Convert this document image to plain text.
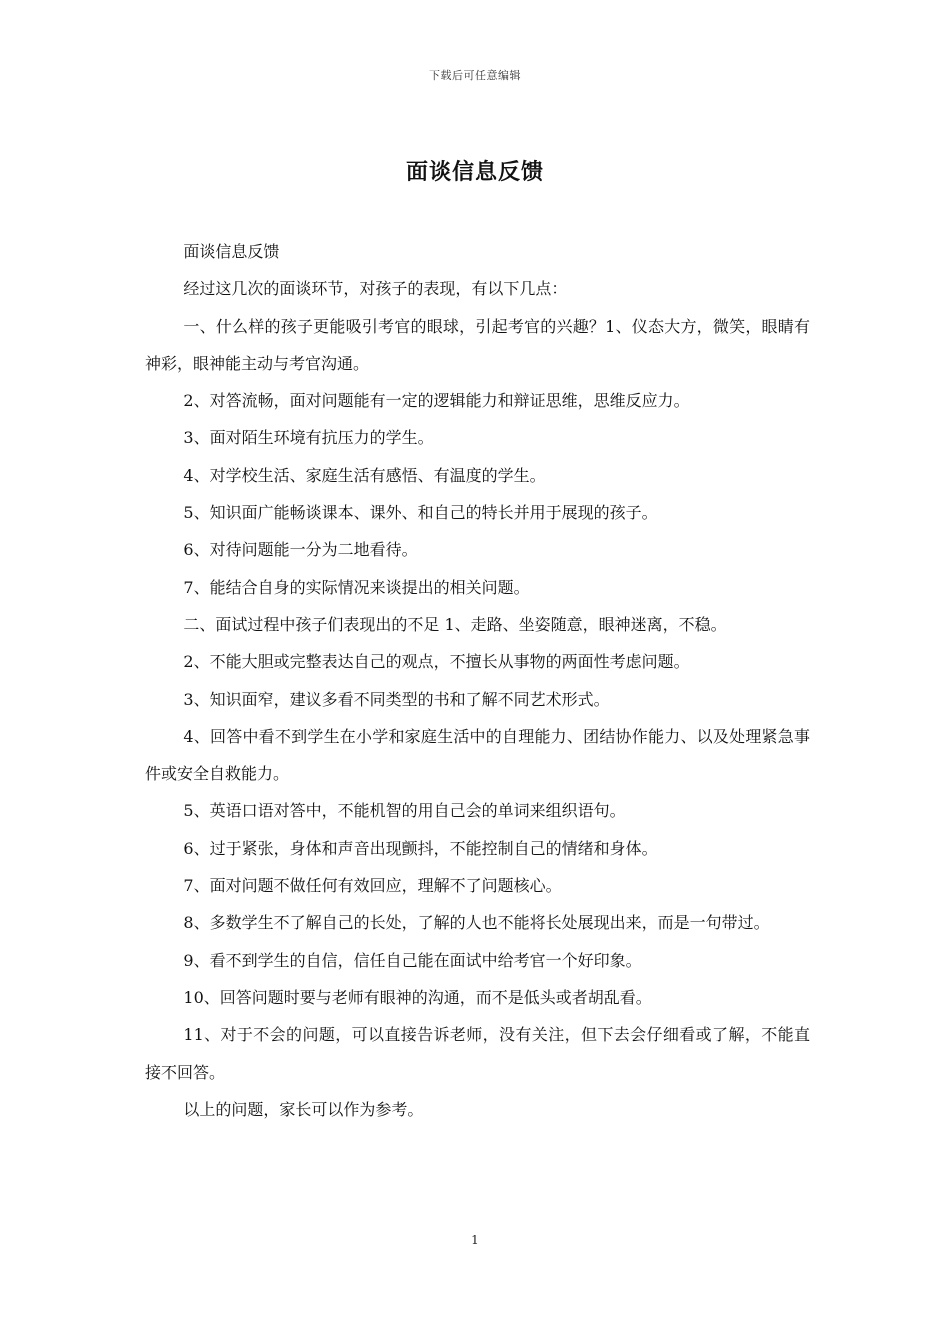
下载后可任意编辑
面谈信息反馈

面谈信息反馈

经过这几次的面谈环节，对孩子的表现，有以下几点：

一、什么样的孩子更能吸引考官的眼球，引起考官的兴趣？1、仪态大方，微笑，眼睛有神彩，眼神能主动与考官沟通。

2、对答流畅，面对问题能有一定的逻辑能力和辩证思维，思维反应力。

3、面对陌生环境有抗压力的学生。

4、对学校生活、家庭生活有感悟、有温度的学生。

5、知识面广能畅谈课本、课外、和自己的特长并用于展现的孩子。

6、对待问题能一分为二地看待。

7、能结合自身的实际情况来谈提出的相关问题。

二、面试过程中孩子们表现出的不足 1、走路、坐姿随意，眼神迷离，不稳。

2、不能大胆或完整表达自己的观点，不擅长从事物的两面性考虑问题。

3、知识面窄，建议多看不同类型的书和了解不同艺术形式。

4、回答中看不到学生在小学和家庭生活中的自理能力、团结协作能力、以及处理紧急事件或安全自救能力。

5、英语口语对答中，不能机智的用自己会的单词来组织语句。

6、过于紧张，身体和声音出现颤抖，不能控制自己的情绪和身体。

7、面对问题不做任何有效回应，理解不了问题核心。

8、多数学生不了解自己的长处，了解的人也不能将长处展现出来，而是一句带过。

9、看不到学生的自信，信任自己能在面试中给考官一个好印象。

10、回答问题时要与老师有眼神的沟通，而不是低头或者胡乱看。

11、对于不会的问题，可以直接告诉老师，没有关注，但下去会仔细看或了解，不能直接不回答。

以上的问题，家长可以作为参考。

1
